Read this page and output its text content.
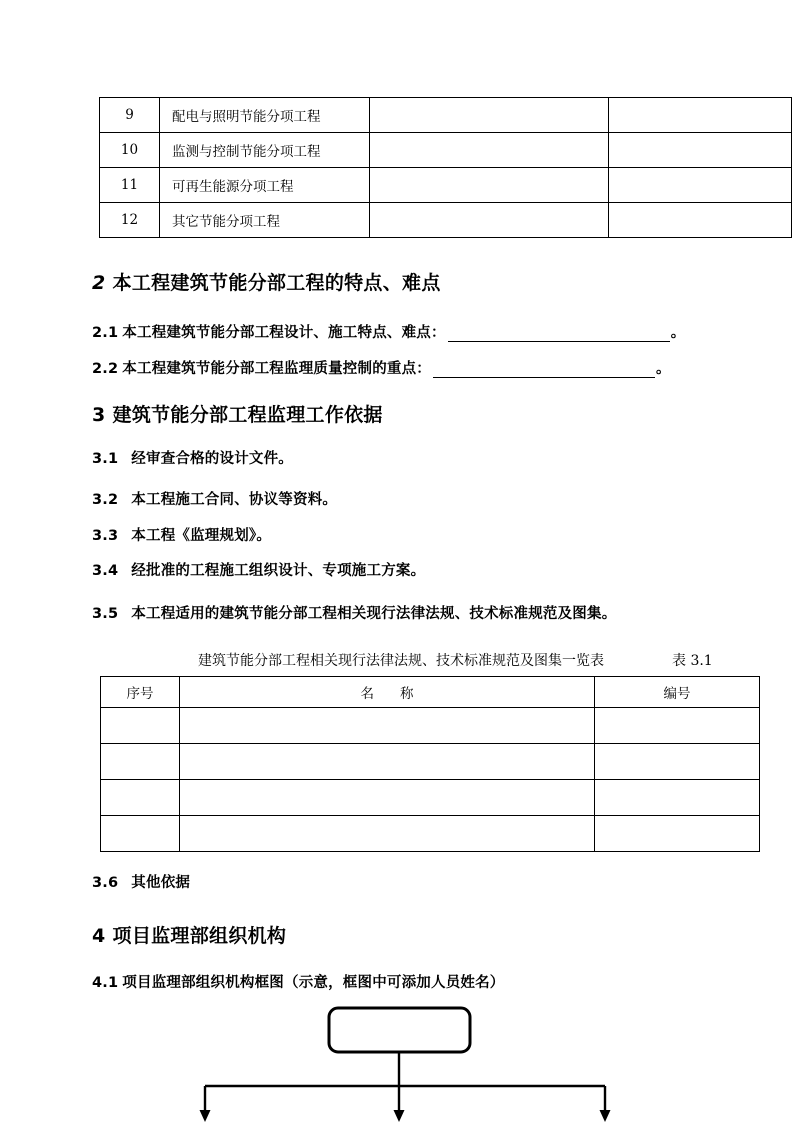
9	配电与照明节能分项工程		
10	监测与控制节能分项工程		
11	可再生能源分项工程		
12	其它节能分项工程		
2 本工程建筑节能分部工程的特点、难点
2.1 本工程建筑节能分部工程设计、施工特点、难点：	。
2.2 本工程建筑节能分部工程监理质量控制的重点：	。
3 建筑节能分部工程监理工作依据
3.1 经审查合格的设计文件。
3.2 本工程施工合同、协议等资料。
3.3 本工程《监理规划》。
3.4 经批准的工程施工组织设计、专项施工方案。
3.5 本工程适用的建筑节能分部工程相关现行法律法规、技术标准规范及图集。
建筑节能分部工程相关现行法律法规、技术标准规范及图集一览表	表 3.1
序号	名 称	编号

3.6 其他依据
4 项目监理部组织机构
4.1 项目监理部组织机构框图（示意，框图中可添加人员姓名）
